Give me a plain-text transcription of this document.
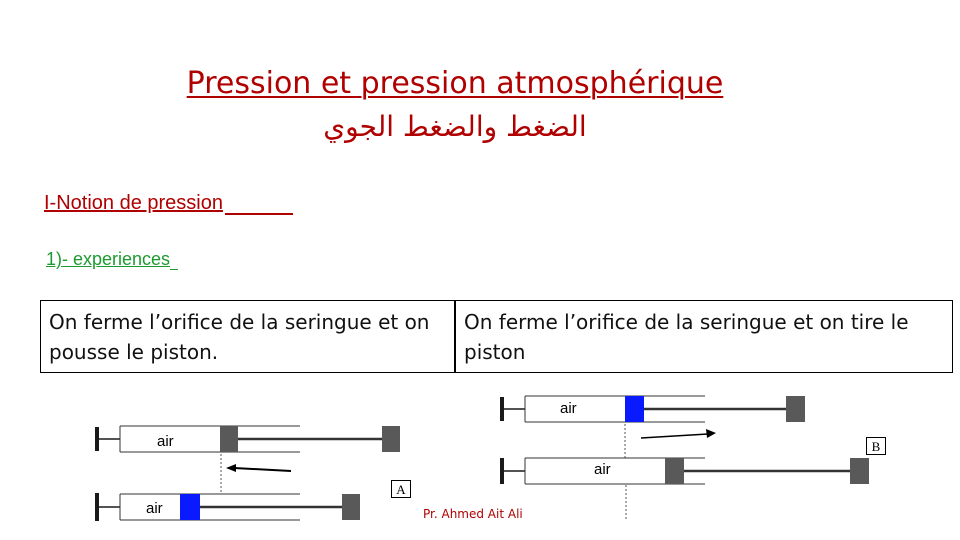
Pression et pression atmosphérique
الضغط والضغط الجوي
I-Notion de pression
1)- experiences
On ferme l’orifice de la seringue et on pousse le piston.
On ferme l’orifice de la seringue et on tire le piston
air
air
air
air
A
B
Pr. Ahmed Ait Ali
